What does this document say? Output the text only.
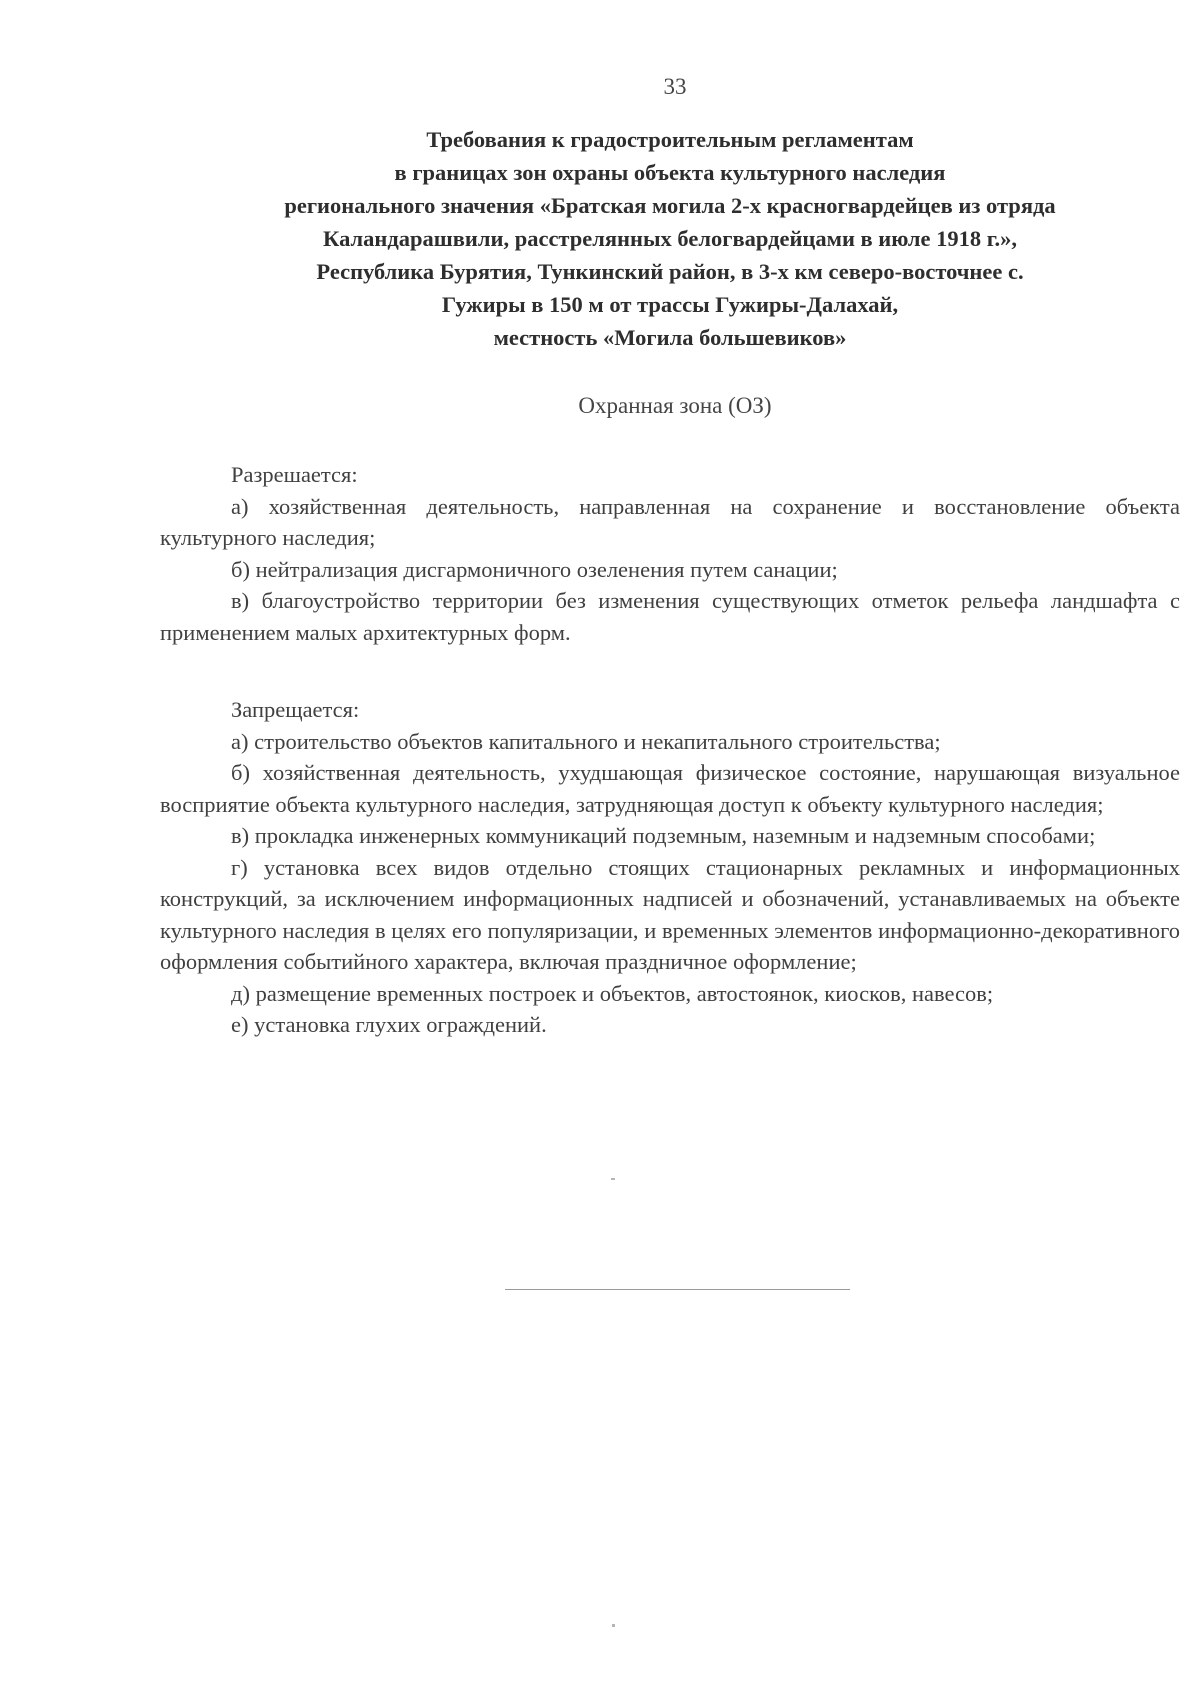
33
Требования к градостроительным регламентам
в границах зон охраны объекта культурного наследия
регионального значения «Братская могила 2-х красногвардейцев из отряда
Каландарашвили, расстрелянных белогвардейцами в июле 1918 г.»,
Республика Бурятия, Тункинский район, в 3-х км северо-восточнее с.
Гужиры в 150 м от трассы Гужиры-Далахай,
местность «Могила большевиков»
Охранная зона (ОЗ)
Разрешается:

а) хозяйственная деятельность, направленная на сохранение и восстановление объекта культурного наследия;

б) нейтрализация дисгармоничного озеленения путем санации;

в) благоустройство территории без изменения существующих отметок рельефа ландшафта с применением малых архитектурных форм.

Запрещается:

а) строительство объектов капитального и некапитального строительства;

б) хозяйственная деятельность, ухудшающая физическое состояние, нарушающая визуальное восприятие объекта культурного наследия, затрудняющая доступ к объекту культурного наследия;

в) прокладка инженерных коммуникаций подземным, наземным и надземным способами;

г) установка всех видов отдельно стоящих стационарных рекламных и информационных конструкций, за исключением информационных надписей и обозначений, устанавливаемых на объекте культурного наследия в целях его популяризации, и временных элементов информационно-декоративного оформления событийного характера, включая праздничное оформление;

д) размещение временных построек и объектов, автостоянок, киосков, навесов;

е) установка глухих ограждений.
